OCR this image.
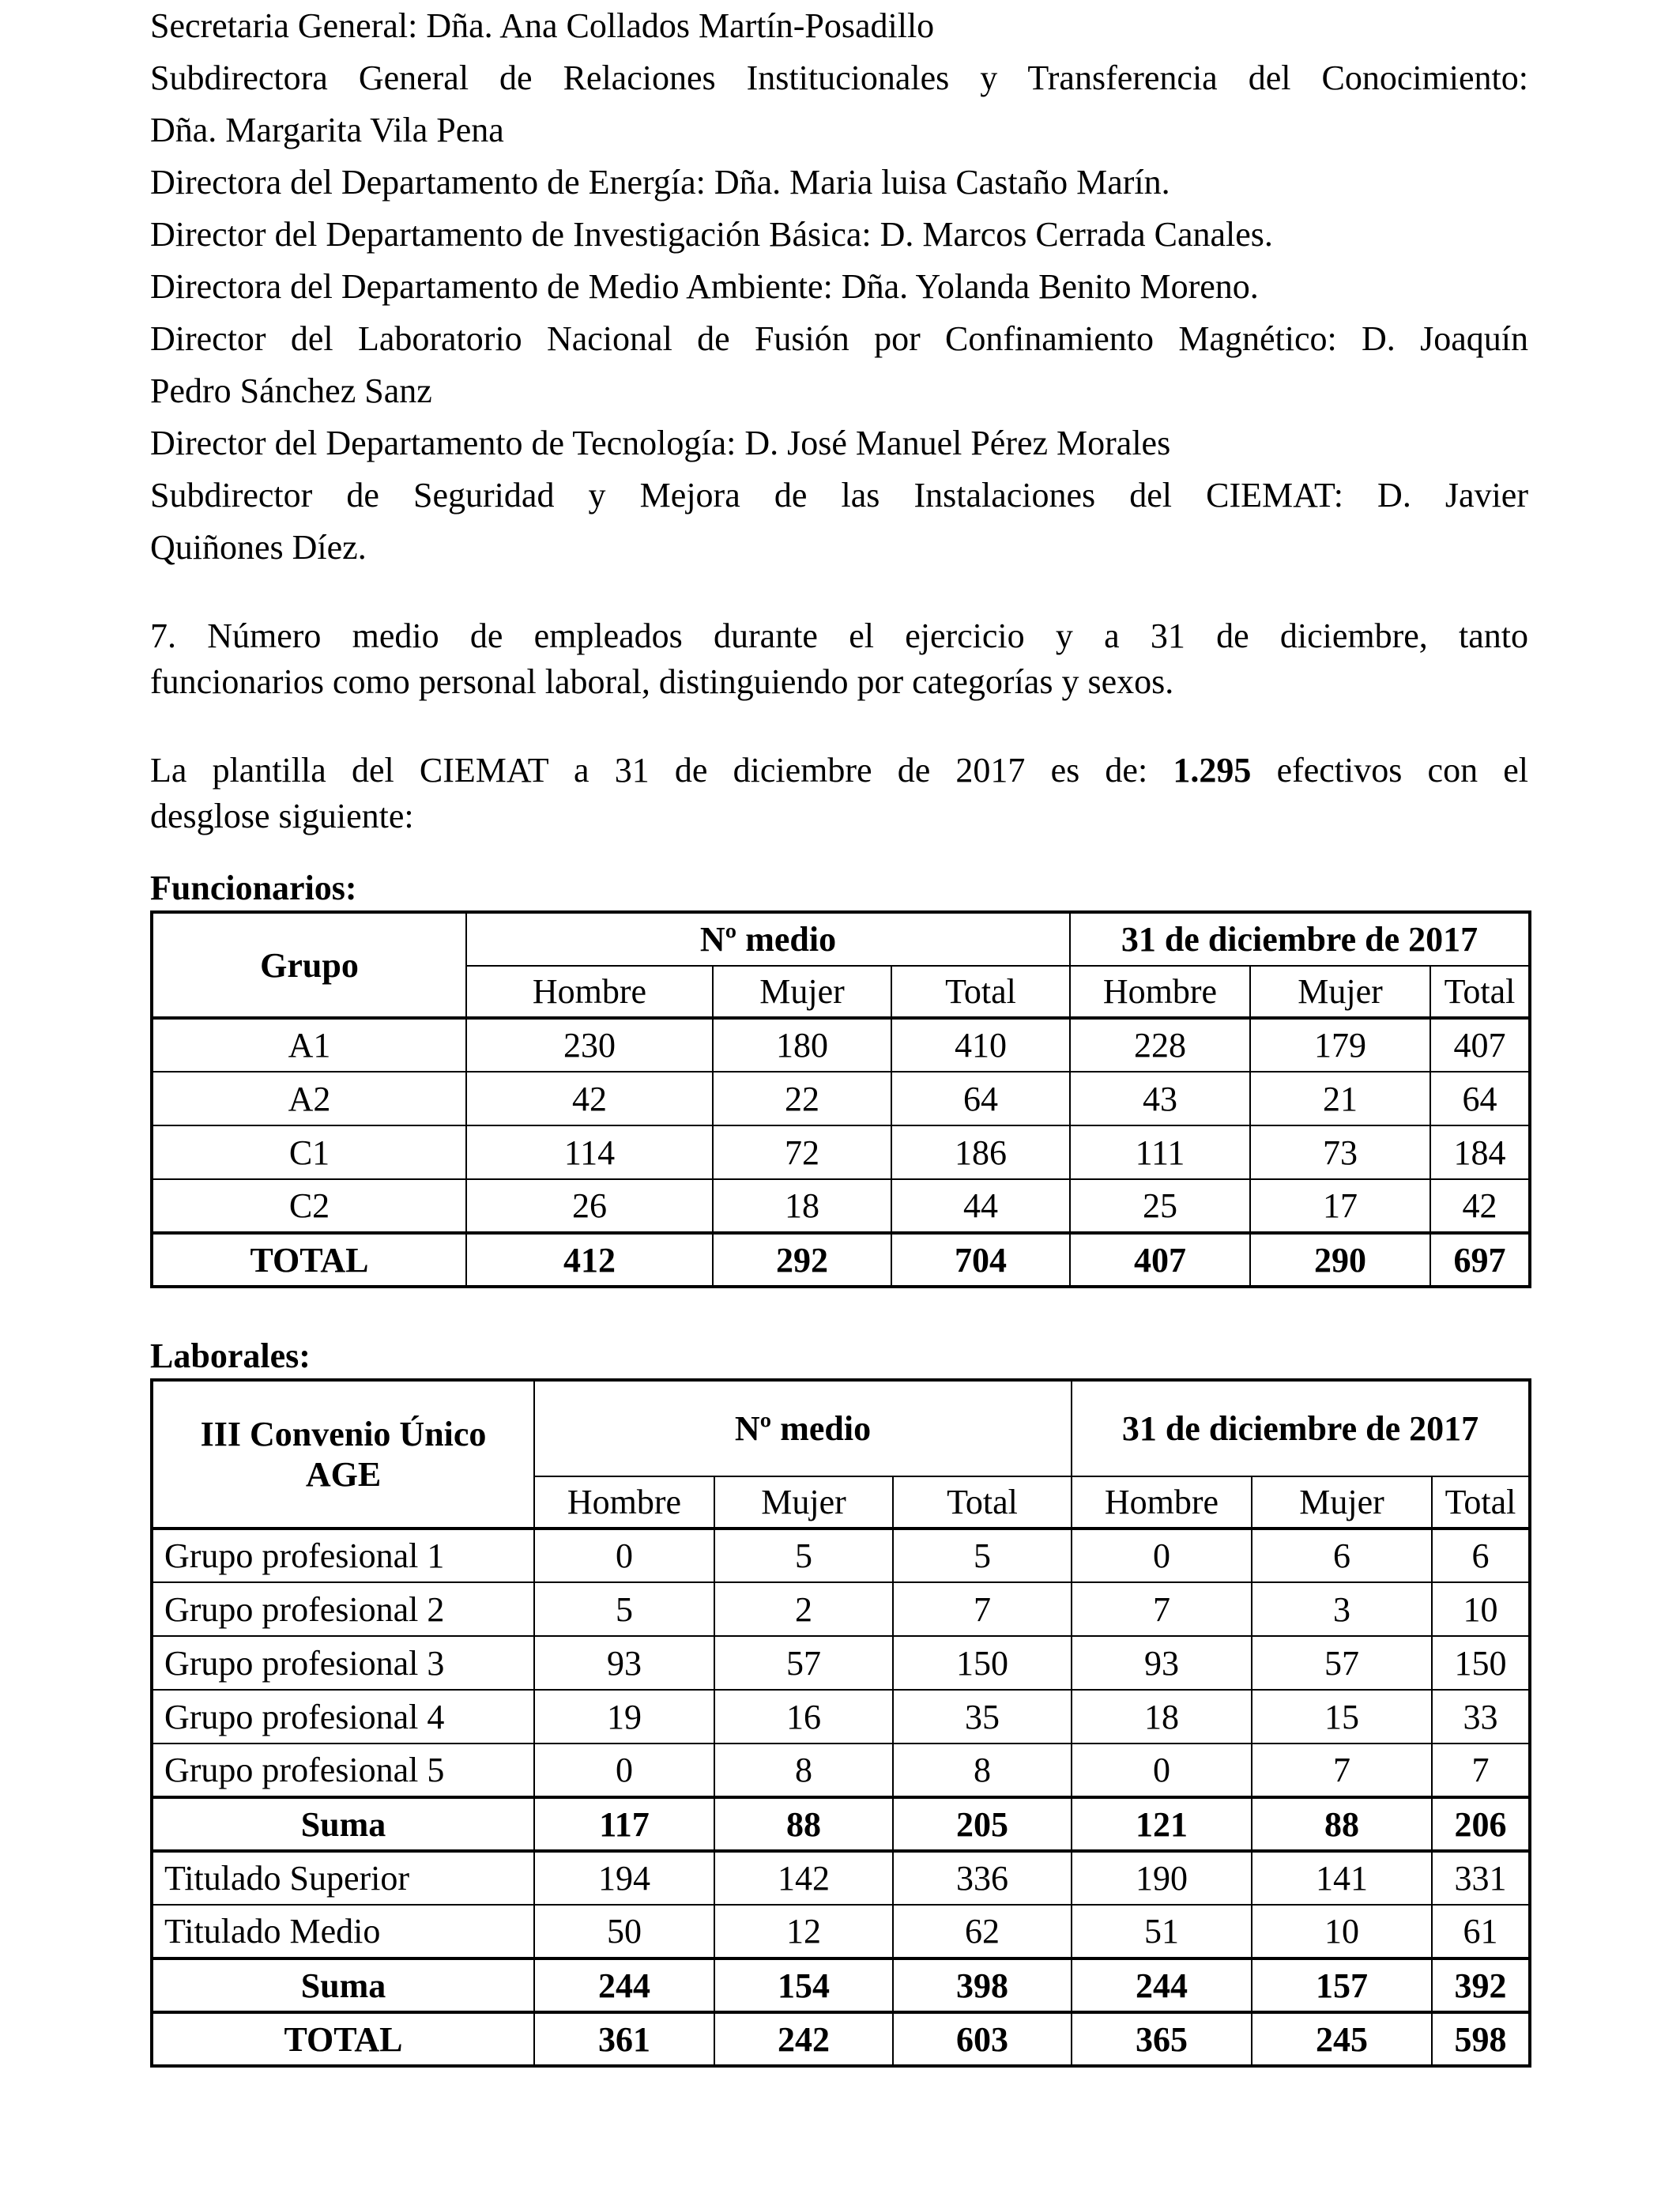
Secretaria General: Dña. Ana Collados Martín-Posadillo
Subdirectora General de Relaciones Institucionales y Transferencia del Conocimiento:
Dña. Margarita Vila Pena
Directora del Departamento de Energía: Dña. Maria luisa Castaño Marín.
Director del Departamento de Investigación Básica: D. Marcos Cerrada Canales.
Directora del Departamento de Medio Ambiente: Dña. Yolanda Benito Moreno.
Director del Laboratorio Nacional de Fusión por Confinamiento Magnético: D. Joaquín
Pedro Sánchez Sanz
Director del Departamento de Tecnología: D. José Manuel Pérez Morales
Subdirector de Seguridad y Mejora de las Instalaciones del CIEMAT: D. Javier
Quiñones Díez.
7. Número medio de empleados durante el ejercicio y a 31 de diciembre, tanto
funcionarios como personal laboral, distinguiendo por categorías y sexos.
La plantilla del CIEMAT a 31 de diciembre de 2017 es de: 1.295 efectivos con el
desglose siguiente:
Funcionarios:
Grupo	Nº medio			31 de diciembre de 2017		
	Hombre	Mujer	Total	Hombre	Mujer	Total
A1	230	180	410	228	179	407
A2	42	22	64	43	21	64
C1	114	72	186	111	73	184
C2	26	18	44	25	17	42
TOTAL	412	292	704	407	290	697
Laborales:
III Convenio Único
AGE	Nº medio			31 de diciembre de 2017		
	Hombre	Mujer	Total	Hombre	Mujer	Total
Grupo profesional 1	0	5	5	0	6	6
Grupo profesional 2	5	2	7	7	3	10
Grupo profesional 3	93	57	150	93	57	150
Grupo profesional 4	19	16	35	18	15	33
Grupo profesional 5	0	8	8	0	7	7
Suma	117	88	205	121	88	206
Titulado Superior	194	142	336	190	141	331
Titulado Medio	50	12	62	51	10	61
Suma	244	154	398	244	157	392
TOTAL	361	242	603	365	245	598
